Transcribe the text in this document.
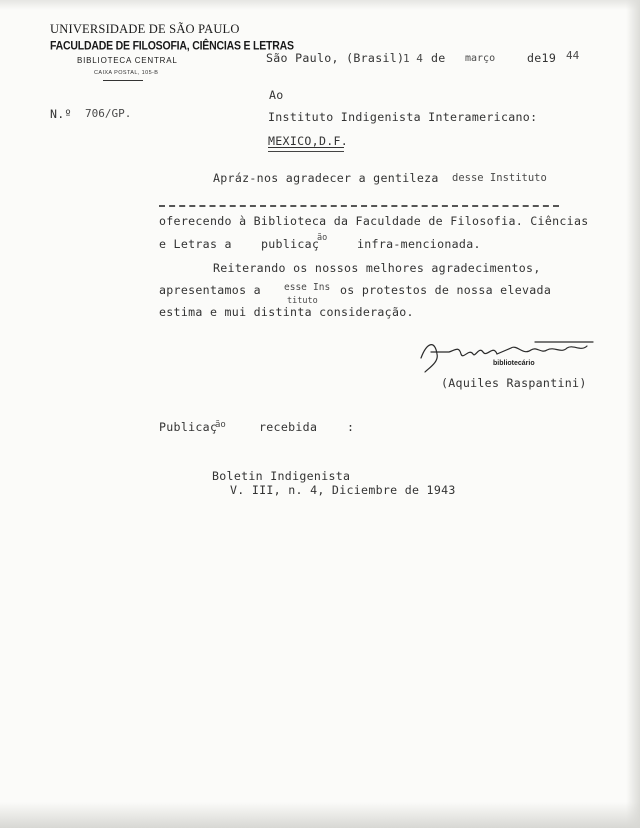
UNIVERSIDADE DE SÃO PAULO
FACULDADE DE FILOSOFIA, CIÊNCIAS E LETRAS
BIBLIOTECA CENTRAL
CAIXA POSTAL, 105-B
São Paulo, (Brasil)
1 4 de março	de19 44
N.º 706/GP.
Ao
Instituto Indigenista Interamericano:
MEXICO,D.F.
Apráz-nos agradecer a gentileza desse Instituto
oferecendo à Biblioteca da Faculdade de Filosofia. Ciências
e Letras a	publicaç
ão	infra-mencionada.
Reiterando os nossos melhores agradecimentos,
apresentamos a esse Ins os protestos de nossa elevada
tituto
estima e mui distinta consideração.
bibliotecário
(Aquiles Raspantini)
Publicaç
ão	recebida	:
Boletin Indigenista
V. III, n. 4, Diciembre de 1943
